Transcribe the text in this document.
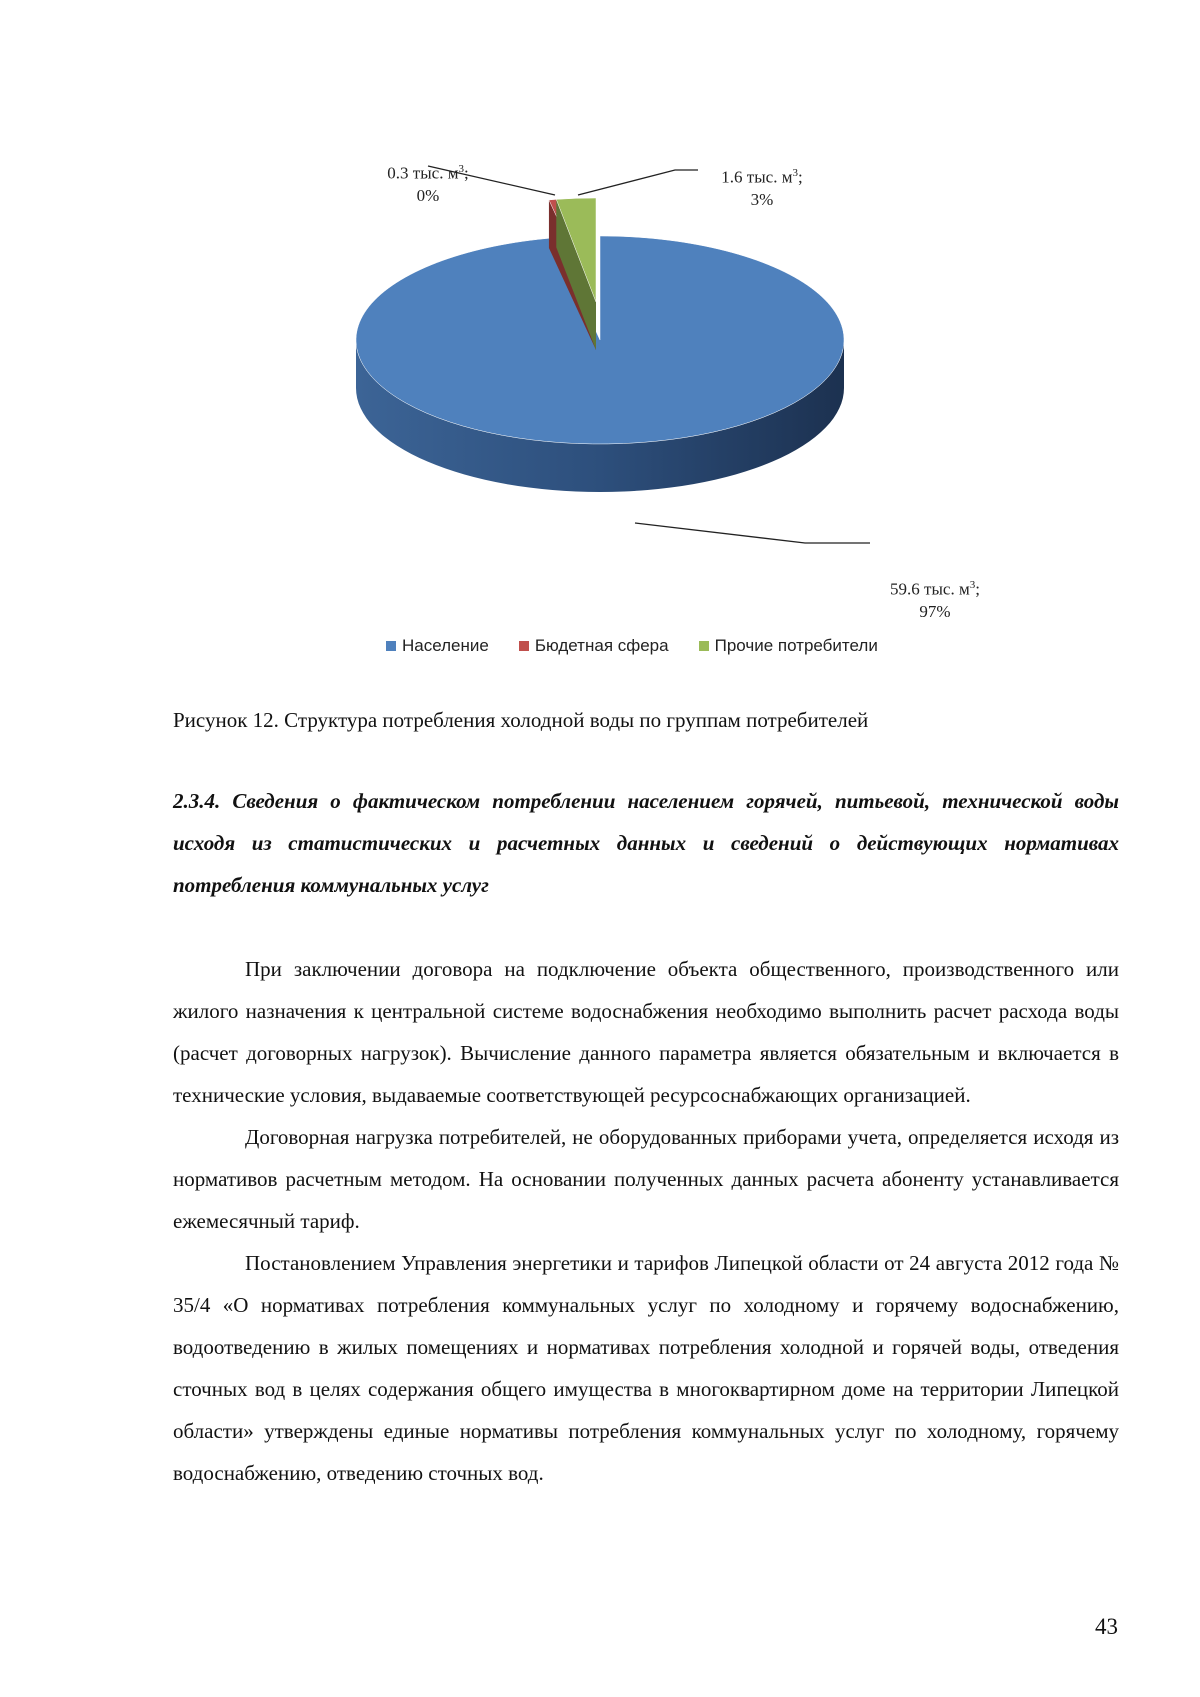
0.3 тыс. $м^3$;
0%
1.6 тыс. $м^3$;
3%
59.6 тыс. $м^3$;
97%
Население	Бюдетная сфера	Прочие потребители
Рисунок 12. Структура потребления холодной воды по группам потребителей
2.3.4. Сведения о фактическом потреблении населением горячей, питьевой, технической воды исходя из статистических и расчетных данных и сведений о действующих нормативах потребления коммунальных услуг

При заключении договора на подключение объекта общественного, производственного или жилого назначения к центральной системе водоснабжения необходимо выполнить расчет расхода воды (расчет договорных нагрузок). Вычисление данного параметра является обязательным и включается в технические условия, выдаваемые соответствующей ресурсоснабжающих организацией.

Договорная нагрузка потребителей, не оборудованных приборами учета, определяется исходя из нормативов расчетным методом. На основании полученных данных расчета абоненту устанавливается ежемесячный тариф.

Постановлением Управления энергетики и тарифов Липецкой области от 24 августа 2012 года № 35/4 «О нормативах потребления коммунальных услуг по холодному и горячему водоснабжению, водоотведению в жилых помещениях и нормативах потребления холодной и горячей воды, отведения сточных вод в целях содержания общего имущества в многоквартирном доме на территории Липецкой области» утверждены единые нормативы потребления коммунальных услуг по холодному, горячему водоснабжению, отведению сточных вод.

43
